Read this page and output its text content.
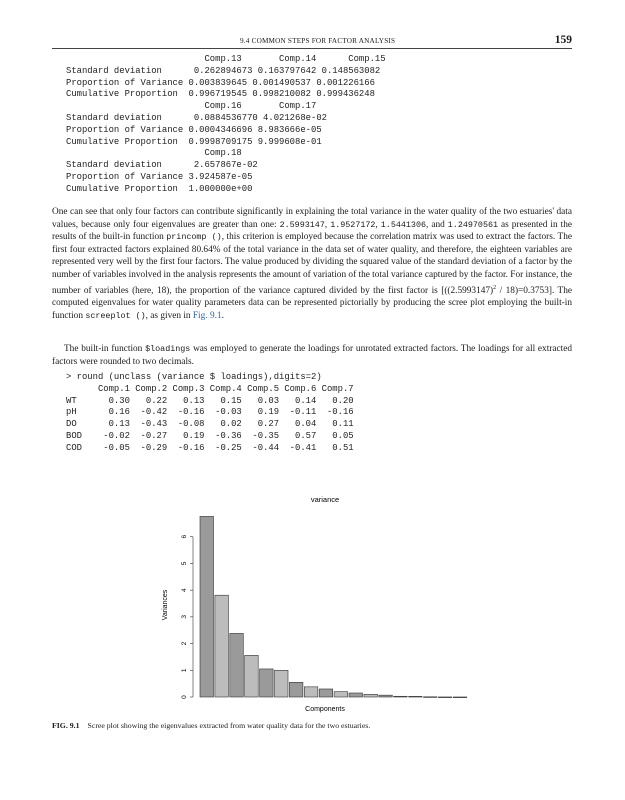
9.4 COMMON STEPS FOR FACTOR ANALYSIS	159
Comp.13       Comp.14      Comp.15
Standard deviation      0.262894673 0.163797642 0.148563082
Proportion of Variance 0.003839645 0.001490537 0.001226166
Cumulative Proportion  0.996719545 0.998210082 0.999436248
Comp.16       Comp.17
Standard deviation      0.0884536770 4.021268e-02
Proportion of Variance 0.0004346696 8.983666e-05
Cumulative Proportion  0.9998709175 9.999608e-01
Comp.18
Standard deviation      2.657867e-02
Proportion of Variance 3.924587e-05
Cumulative Proportion  1.000000e+00

One can see that only four factors can contribute significantly in explaining the total variance in the water quality of the two estuaries' data values, because only four eigenvalues are greater than one: 2.5993147, 1.9527172, 1.5441306, and 1.24970561 as presented in the results of the built-in function princomp (), this criterion is employed because the correlation matrix was used to extract the factors. The first four extracted factors explained 80.64% of the total variance in the data set of water quality, and therefore, the eighteen variables are represented very well by the first four factors. The value produced by dividing the squared value of the standard deviation of a factor by the number of variables involved in the analysis represents the amount of variation of the total variance captured by the factor. For instance, the number of variables (here, 18), the proportion of the variance captured divided by the first factor is $[((2.5993147)^2 / 18)=0.3753]$. The computed eigenvalues for water quality parameters data can be represented pictorially by producing the scree plot employing the built-in function screeplot (), as given in Fig. 9.1.

The built-in function $loadings was employed to generate the loadings for unrotated extracted factors. The loadings for all extracted factors were rounded to two decimals.

> round (unclass (variance $ loadings),digits=2)
Comp.1 Comp.2 Comp.3 Comp.4 Comp.5 Comp.6 Comp.7
WT      0.30   0.22   0.13   0.15   0.03   0.14   0.20
pH      0.16  -0.42  -0.16  -0.03   0.19  -0.11  -0.16
DO      0.13  -0.43  -0.08   0.02   0.27   0.04   0.11
BOD    -0.02  -0.27   0.19  -0.36  -0.35   0.57   0.05
COD    -0.05  -0.29  -0.16  -0.25  -0.44  -0.41   0.51
variance
0
1
2
3
4
5
6
Variances
Components
FIG. 9.1 Scree plot showing the eigenvalues extracted from water quality data for the two estuaries.
